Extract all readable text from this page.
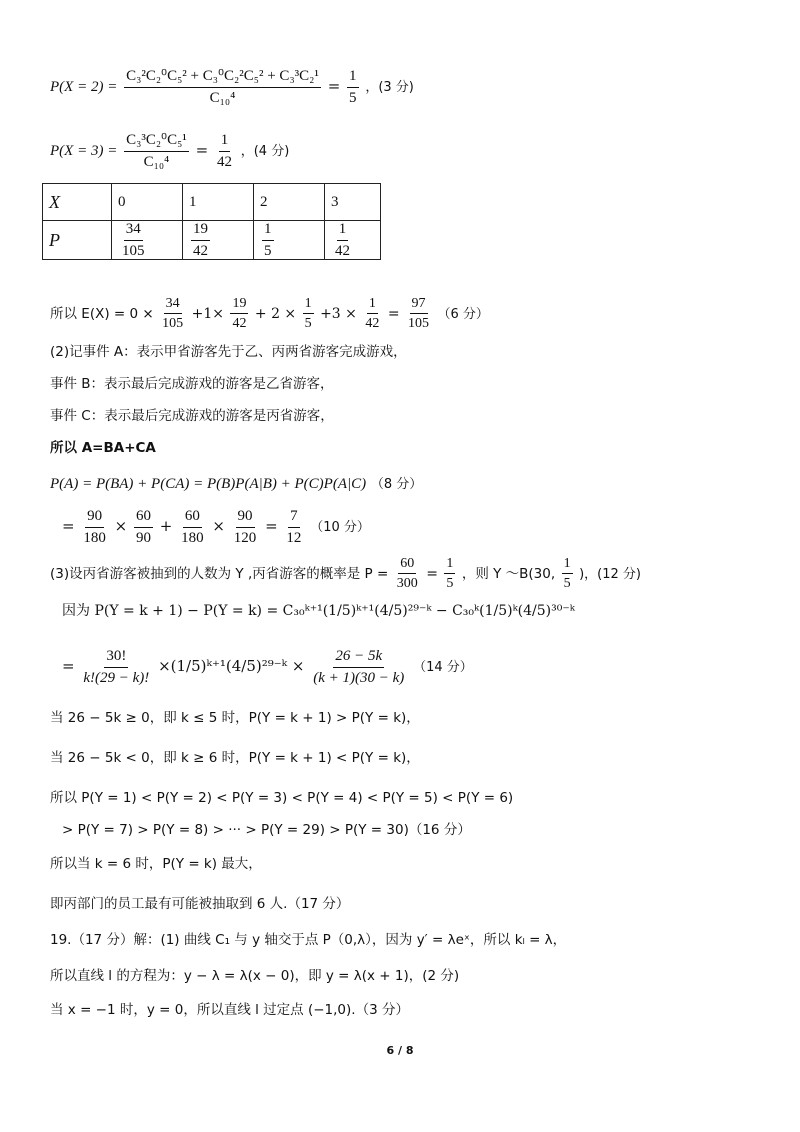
$P(X = 2) = \frac{\text{C₃²C₂⁰C₅² + C₃⁰C₂²C₅² + C₃³C₂¹}}{\text{C₁₀⁴}} = \frac{1}{5}$ ，(3 分)
$P(X = 3) = \frac{\text{C₃³C₂⁰C₅¹}}{\text{C₁₀⁴}} = \frac{1}{42}$ ，(4 分)
X	0	1	2	3
P	$\frac{34}{105}$	$\frac{19}{42}$	$\frac{1}{5}$	$\frac{1}{42}$
所以 $E(X) = 0 \times \frac{34}{105} +1\times \frac{19}{42} + 2 \times \frac{1}{5} +3 \times \frac{1}{42} = \frac{97}{105} (6$ 分）
(2)记事件 A：表示甲省游客先于乙、丙两省游客完成游戏，
事件 B：表示最后完成游戏的游客是乙省游客，
事件 C：表示最后完成游戏的游客是丙省游客，
所以 A=BA+CA
P(A) = P(BA) + P(CA) = P(B)P(A|B) + P(C)P(A|C) （8 分）
= $\frac{90}{180} \times \frac{60}{90} + \frac{60}{180} \times \frac{90}{120} = \frac{7}{12} (10$ 分）
(3)设丙省游客被抽到的人数为 Y ,丙省游客的概率是 $P = \frac{60}{300} = \frac{1}{5}$ ，则 Y ～B(30, $\frac{1}{5}$ )，(12 分)
因为 P(Y = k + 1) − P(Y = k) = C₃₀ᵏ⁺¹(1/5)ᵏ⁺¹(4/5)²⁹⁻ᵏ − C₃₀ᵏ(1/5)ᵏ(4/5)³⁰⁻ᵏ
= $\frac{30!}{k!(29 - k)!}$ ×(1/5)ᵏ⁺¹(4/5)²⁹⁻ᵏ × $\frac{26 - 5k}{(k + 1)(30 - k)} (14$ 分）
当 26 − 5k ≥ 0，即 k ≤ 5 时，P(Y = k + 1) > P(Y = k)，
当 26 − 5k < 0，即 k ≥ 6 时，P(Y = k + 1) < P(Y = k)，
所以 P(Y = 1) < P(Y = 2) < P(Y = 3) < P(Y = 4) < P(Y = 5) < P(Y = 6)
> P(Y = 7) > P(Y = 8) > ··· > P(Y = 29) > P(Y = 30)（16 分）
所以当 k = 6 时，P(Y = k) 最大，
即丙部门的员工最有可能被抽取到 6 人.（17 分）
19.（17 分）解：(1) 曲线 C₁ 与 y 轴交于点 P（0,λ），因为 y′ = λeˣ，所以 kₗ = λ，
所以直线 l 的方程为：y − λ = λ(x − 0)，即 y = λ(x + 1)，(2 分)
当 x = −1 时，y = 0，所以直线 l 过定点 (−1,0).（3 分）
6 / 8
